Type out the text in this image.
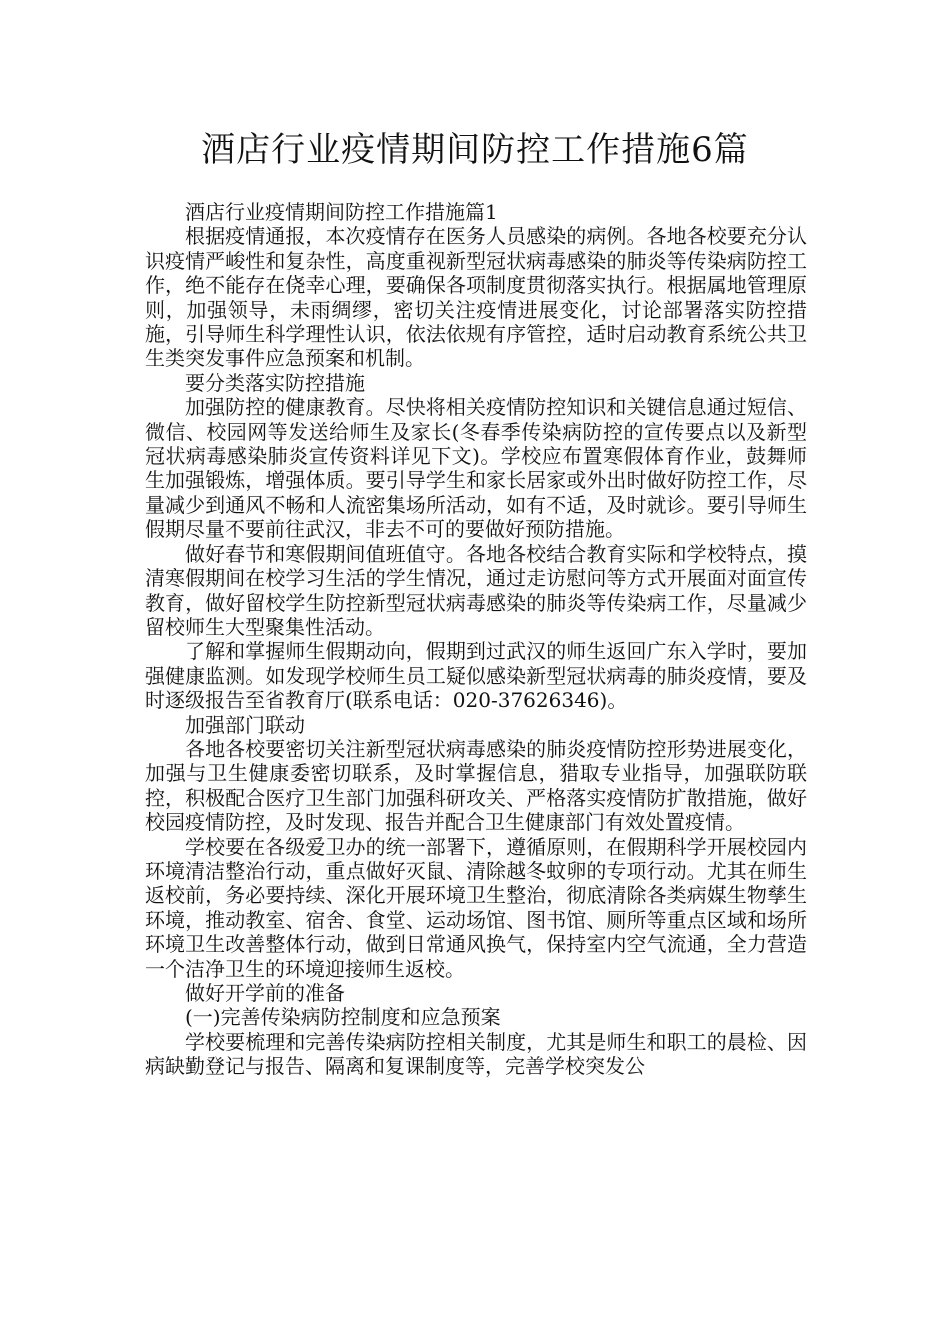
酒店行业疫情期间防控工作措施6篇

酒店行业疫情期间防控工作措施篇1

根据疫情通报，本次疫情存在医务人员感染的病例。各地各校要充分认识疫情严峻性和复杂性，高度重视新型冠状病毒感染的肺炎等传染病防控工作，绝不能存在侥幸心理，要确保各项制度贯彻落实执行。根据属地管理原则，加强领导，未雨绸缪，密切关注疫情进展变化，讨论部署落实防控措施，引导师生科学理性认识，依法依规有序管控，适时启动教育系统公共卫生类突发事件应急预案和机制。

要分类落实防控措施

加强防控的健康教育。尽快将相关疫情防控知识和关键信息通过短信、微信、校园网等发送给师生及家长(冬春季传染病防控的宣传要点以及新型冠状病毒感染肺炎宣传资料详见下文)。学校应布置寒假体育作业，鼓舞师生加强锻炼，增强体质。要引导学生和家长居家或外出时做好防控工作，尽量减少到通风不畅和人流密集场所活动，如有不适，及时就诊。要引导师生假期尽量不要前往武汉，非去不可的要做好预防措施。

做好春节和寒假期间值班值守。各地各校结合教育实际和学校特点，摸清寒假期间在校学习生活的学生情况，通过走访慰问等方式开展面对面宣传教育，做好留校学生防控新型冠状病毒感染的肺炎等传染病工作，尽量减少留校师生大型聚集性活动。

了解和掌握师生假期动向，假期到过武汉的师生返回广东入学时，要加强健康监测。如发现学校师生员工疑似感染新型冠状病毒的肺炎疫情，要及时逐级报告至省教育厅(联系电话：020-37626346)。

加强部门联动

各地各校要密切关注新型冠状病毒感染的肺炎疫情防控形势进展变化，加强与卫生健康委密切联系，及时掌握信息，猎取专业指导，加强联防联控，积极配合医疗卫生部门加强科研攻关、严格落实疫情防扩散措施，做好校园疫情防控，及时发现、报告并配合卫生健康部门有效处置疫情。

学校要在各级爱卫办的统一部署下，遵循原则，在假期科学开展校园内环境清洁整治行动，重点做好灭鼠、清除越冬蚊卵的专项行动。尤其在师生返校前，务必要持续、深化开展环境卫生整治，彻底清除各类病媒生物孳生环境，推动教室、宿舍、食堂、运动场馆、图书馆、厕所等重点区域和场所环境卫生改善整体行动，做到日常通风换气，保持室内空气流通，全力营造一个洁净卫生的环境迎接师生返校。

做好开学前的准备

(一)完善传染病防控制度和应急预案

学校要梳理和完善传染病防控相关制度，尤其是师生和职工的晨检、因病缺勤登记与报告、隔离和复课制度等，完善学校突发公
